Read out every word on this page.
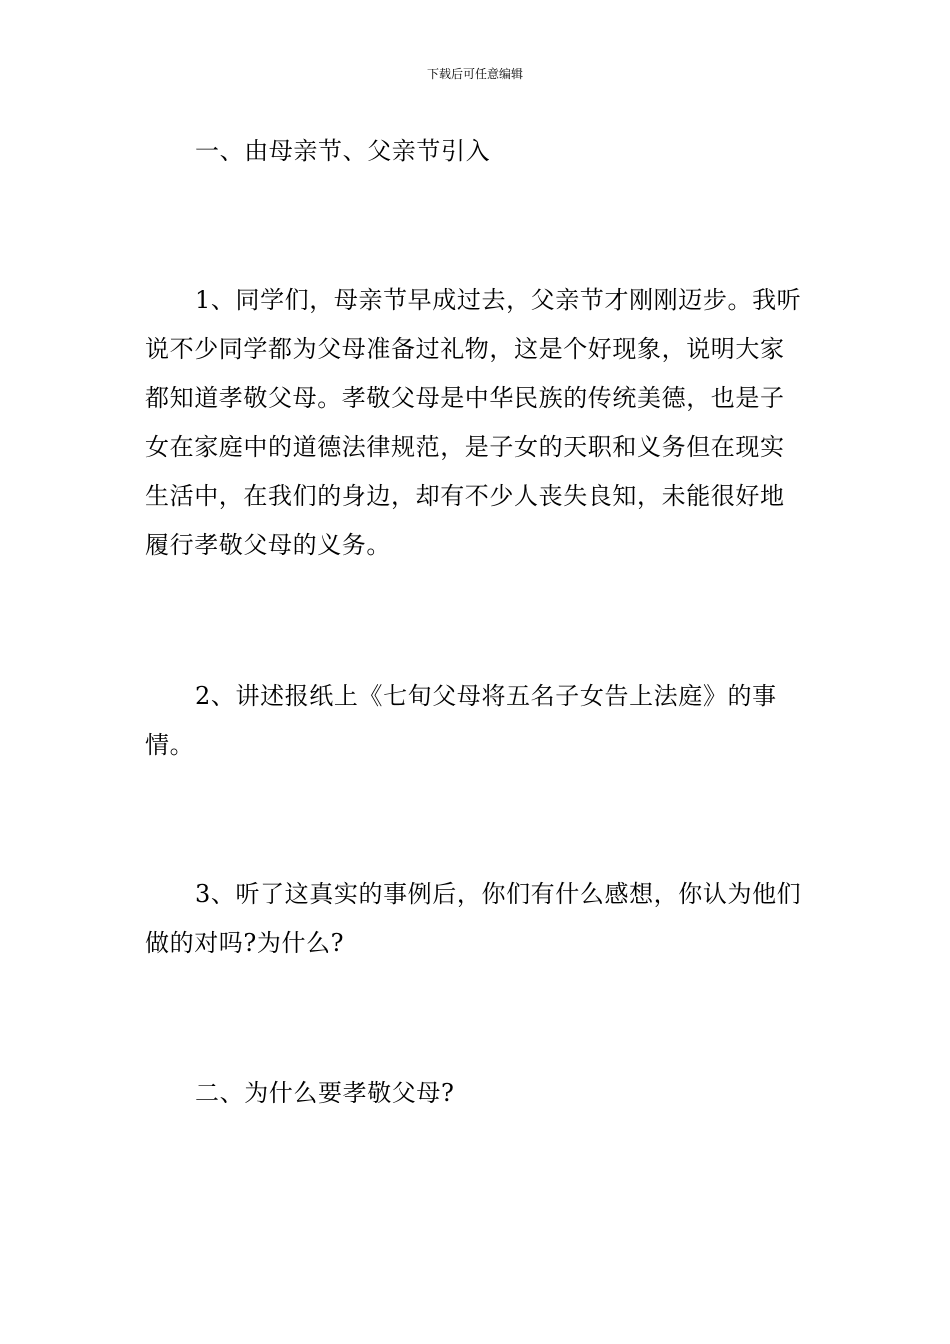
下载后可任意编辑

一、由母亲节、父亲节引入

1、同学们，母亲节早成过去，父亲节才刚刚迈步。我听说不少同学都为父母准备过礼物，这是个好现象，说明大家都知道孝敬父母。孝敬父母是中华民族的传统美德，也是子女在家庭中的道德法律规范，是子女的天职和义务但在现实生活中，在我们的身边，却有不少人丧失良知，未能很好地履行孝敬父母的义务。

2、讲述报纸上《七旬父母将五名子女告上法庭》的事情。

3、听了这真实的事例后，你们有什么感想，你认为他们做的对吗?为什么?

二、为什么要孝敬父母?
